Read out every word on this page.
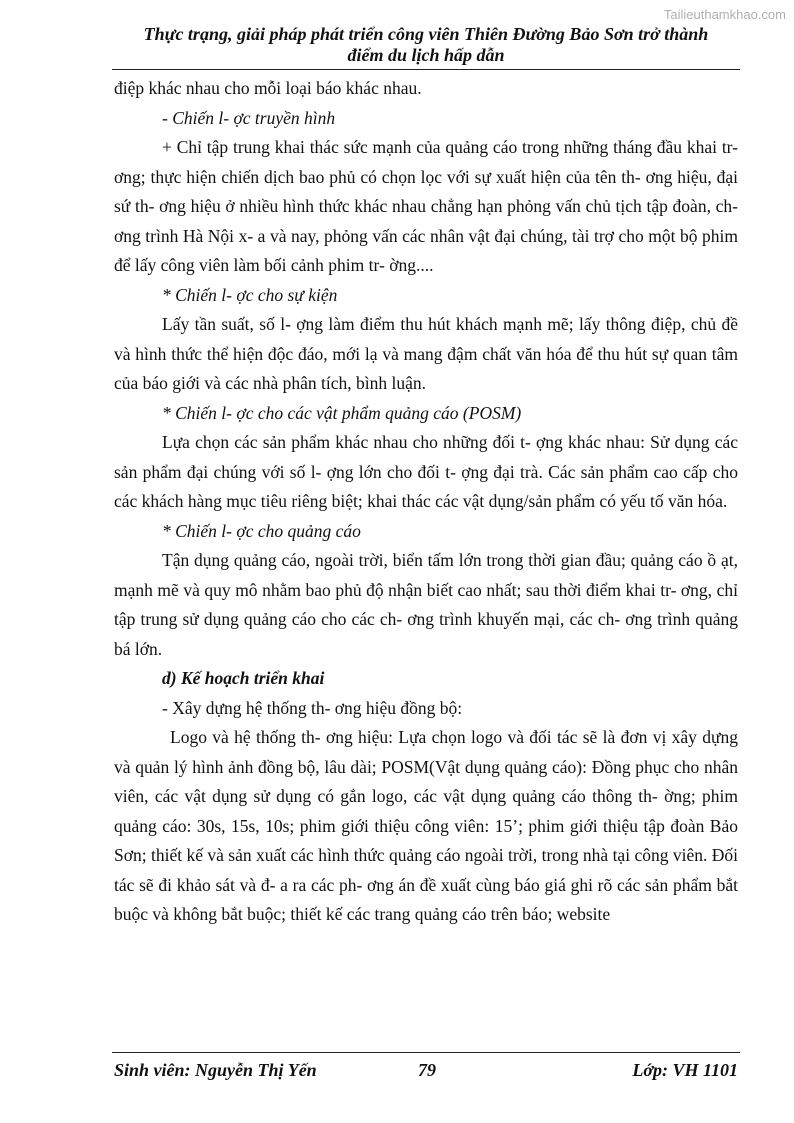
Tailieuthamkhao.com
Thực trạng, giải pháp phát triển công viên Thiên Đường Bảo Sơn trở thành
điểm du lịch hấp dẫn

điệp khác nhau cho mỗi loại báo khác nhau.

- Chiến l- ợc truyền hình

+ Chỉ tập trung khai thác sức mạnh của quảng cáo trong những tháng đầu khai tr- ơng; thực hiện chiến dịch bao phủ có chọn lọc với sự xuất hiện của tên th- ơng hiệu, đại sứ th- ơng hiệu ở nhiều hình thức khác nhau chẳng hạn phỏng vấn chủ tịch tập đoàn, ch- ơng trình Hà Nội x- a và nay, phỏng vấn các nhân vật đại chúng, tài trợ cho một bộ phim để lấy công viên làm bối cảnh phim tr- ờng....

* Chiến l- ợc cho sự kiện

Lấy tần suất, số l- ợng làm điểm thu hút khách mạnh mẽ; lấy thông điệp, chủ đề và hình thức thể hiện độc đáo, mới lạ và mang đậm chất văn hóa để thu hút sự quan tâm của báo giới và các nhà phân tích, bình luận.

* Chiến l- ợc cho các vật phẩm quảng cáo (POSM)

Lựa chọn các sản phẩm khác nhau cho những đối t- ợng khác nhau: Sử dụng các sản phẩm đại chúng với số l- ợng lớn cho đối t- ợng đại trà. Các sản phẩm cao cấp cho các khách hàng mục tiêu riêng biệt; khai thác các vật dụng/sản phẩm có yếu tố văn hóa.

* Chiến l- ợc cho quảng cáo

Tận dụng quảng cáo, ngoài trời, biển tấm lớn trong thời gian đầu; quảng cáo ồ ạt, mạnh mẽ và quy mô nhằm bao phủ độ nhận biết cao nhất; sau thời điểm khai tr- ơng, chỉ tập trung sử dụng quảng cáo cho các ch- ơng trình khuyến mại, các ch- ơng trình quảng bá lớn.

d) Kế hoạch triển khai

- Xây dựng hệ thống th- ơng hiệu đồng bộ:

Logo và hệ thống th- ơng hiệu: Lựa chọn logo và đối tác sẽ là đơn vị xây dựng và quản lý hình ảnh đồng bộ, lâu dài; POSM(Vật dụng quảng cáo): Đồng phục cho nhân viên, các vật dụng sử dụng có gắn logo, các vật dụng quảng cáo thông th- ờng; phim quảng cáo: 30s, 15s, 10s; phim giới thiệu công viên: 15’; phim giới thiệu tập đoàn Bảo Sơn; thiết kế và sản xuất các hình thức quảng cáo ngoài trời, trong nhà tại công viên. Đối tác sẽ đi khảo sát và đ- a ra các ph- ơng án đề xuất cùng báo giá ghi rõ các sản phẩm bắt buộc và không bắt buộc; thiết kế các trang quảng cáo trên báo; website

Sinh viên: Nguyễn Thị Yến	79	Lớp: VH 1101
